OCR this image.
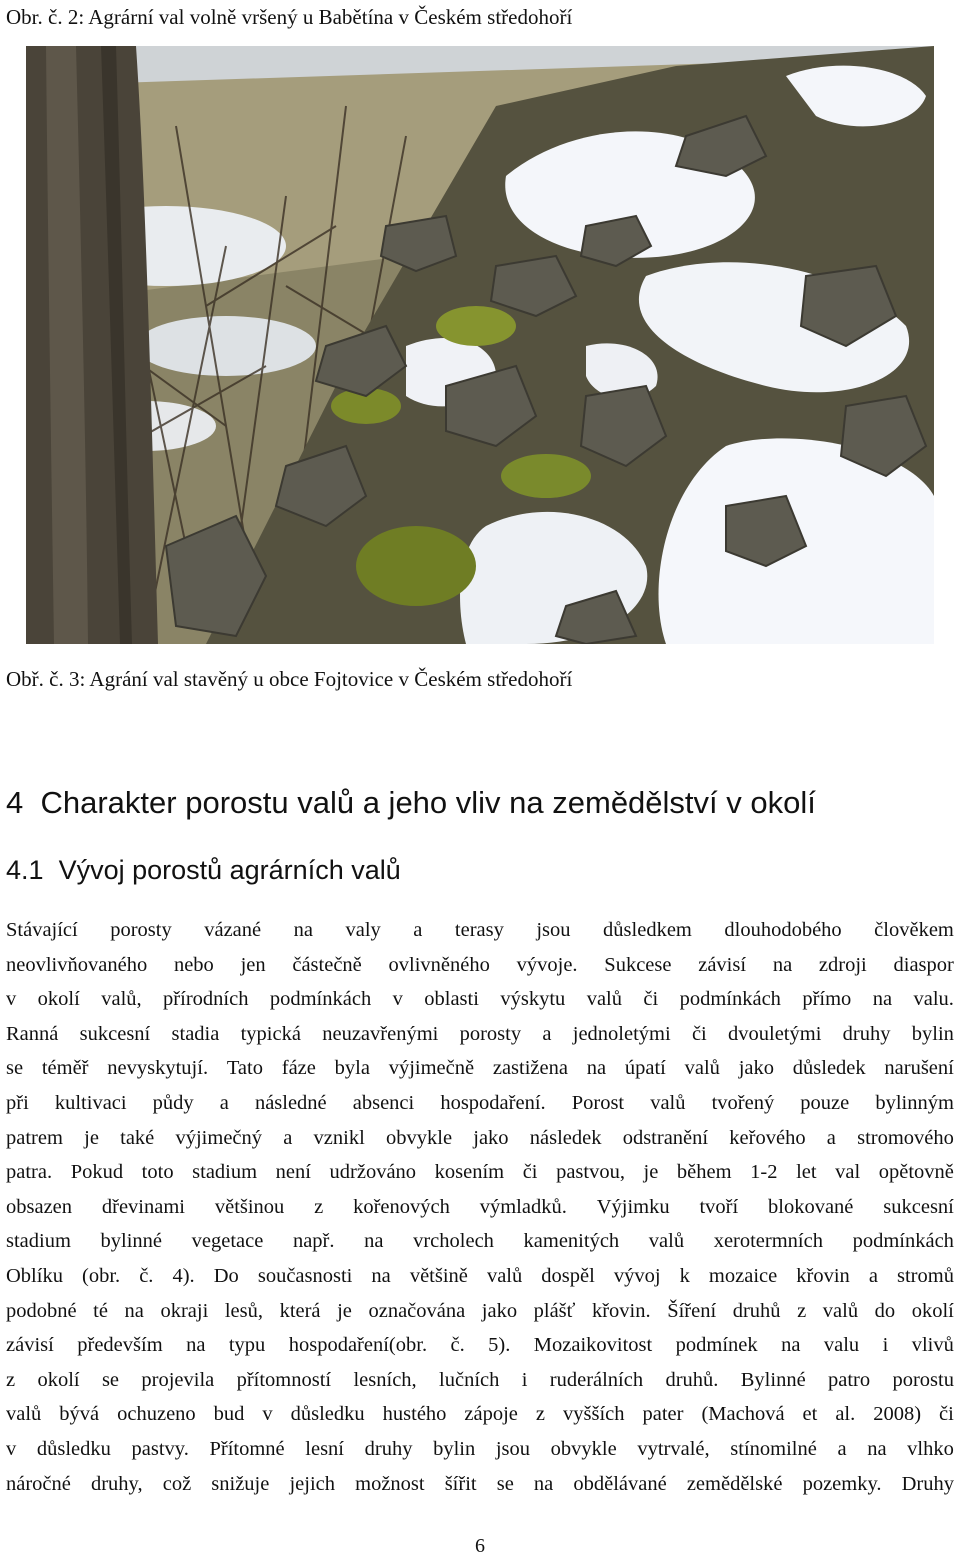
Obr. č. 2: Agrární val volně vršený u Babětína v Českém středohoří
Obř. č. 3: Agrání val stavěný u obce Fojtovice v Českém středohoří
4 Charakter porostu valů a jeho vliv na zemědělství v okolí
4.1 Vývoj porostů agrárních valů
Stávající porosty vázané na valy a terasy jsou důsledkem dlouhodobého člověkem
neovlivňovaného nebo jen částečně ovlivněného vývoje. Sukcese závisí na zdroji diaspor
v okolí valů, přírodních podmínkách v oblasti výskytu valů či podmínkách přímo na valu.
Ranná sukcesní stadia typická neuzavřenými porosty a jednoletými či dvouletými druhy bylin
se téměř nevyskytují. Tato fáze byla výjimečně zastižena na úpatí valů jako důsledek narušení
při kultivaci půdy a následné absenci hospodaření. Porost valů tvořený pouze bylinným
patrem je také výjimečný a vznikl obvykle jako následek odstranění keřového a stromového
patra. Pokud toto stadium není udržováno kosením či pastvou, je během 1-2 let val opětovně
obsazen dřevinami většinou z kořenových výmladků. Výjimku tvoří blokované sukcesní
stadium bylinné vegetace např. na vrcholech kamenitých valů xerotermních podmínkách
Oblíku (obr. č. 4). Do současnosti na většině valů dospěl vývoj k mozaice křovin a stromů
podobné té na okraji lesů, která je označována jako plášť křovin. Šíření druhů z valů do okolí
závisí především na typu hospodaření(obr. č. 5). Mozaikovitost podmínek na valu i vlivů
z okolí se projevila přítomností lesních, lučních i ruderálních druhů. Bylinné patro porostu
valů bývá ochuzeno bud v důsledku hustého zápoje z vyšších pater (Machová et al. 2008) či
v důsledku pastvy. Přítomné lesní druhy bylin jsou obvykle vytrvalé, stínomilné a na vlhko
náročné druhy, což snižuje jejich možnost šířit se na obdělávané zemědělské pozemky. Druhy
6
